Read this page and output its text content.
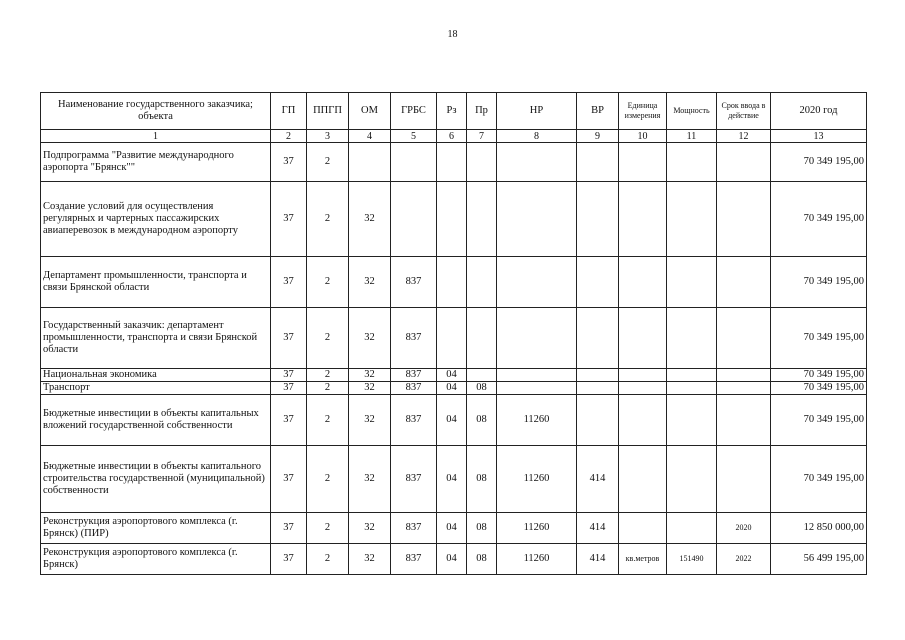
18
Наименование государственного заказчика; объекта	ГП	ППГП	ОМ	ГРБС	Рз	Пр	НР	ВР	Единица измерения	Мощность	Срок ввода в действие	2020 год
1	2	3	4	5	6	7	8	9	10	11	12	13
Подпрограмма "Развитие международного аэропорта "Брянск""	37	2										70 349 195,00
Создание условий для осуществления регулярных и чартерных пассажирских авиаперевозок в международном аэропорту	37	2	32									70 349 195,00
Департамент промышленности, транспорта и связи Брянской области	37	2	32	837								70 349 195,00
Государственный заказчик: департамент промышленности, транспорта и связи Брянской области	37	2	32	837								70 349 195,00
Национальная экономика	37	2	32	837	04							70 349 195,00
Транспорт	37	2	32	837	04	08						70 349 195,00
Бюджетные инвестиции в объекты капитальных вложений государственной собственности	37	2	32	837	04	08	11260					70 349 195,00
Бюджетные инвестиции в объекты капитального строительства государственной (муниципальной) собственности	37	2	32	837	04	08	11260	414				70 349 195,00
Реконструкция аэропортового комплекса (г. Брянск) (ПИР)	37	2	32	837	04	08	11260	414			2020	12 850 000,00
Реконструкция аэропортового комплекса (г. Брянск)	37	2	32	837	04	08	11260	414	кв.метров	151490	2022	56 499 195,00
